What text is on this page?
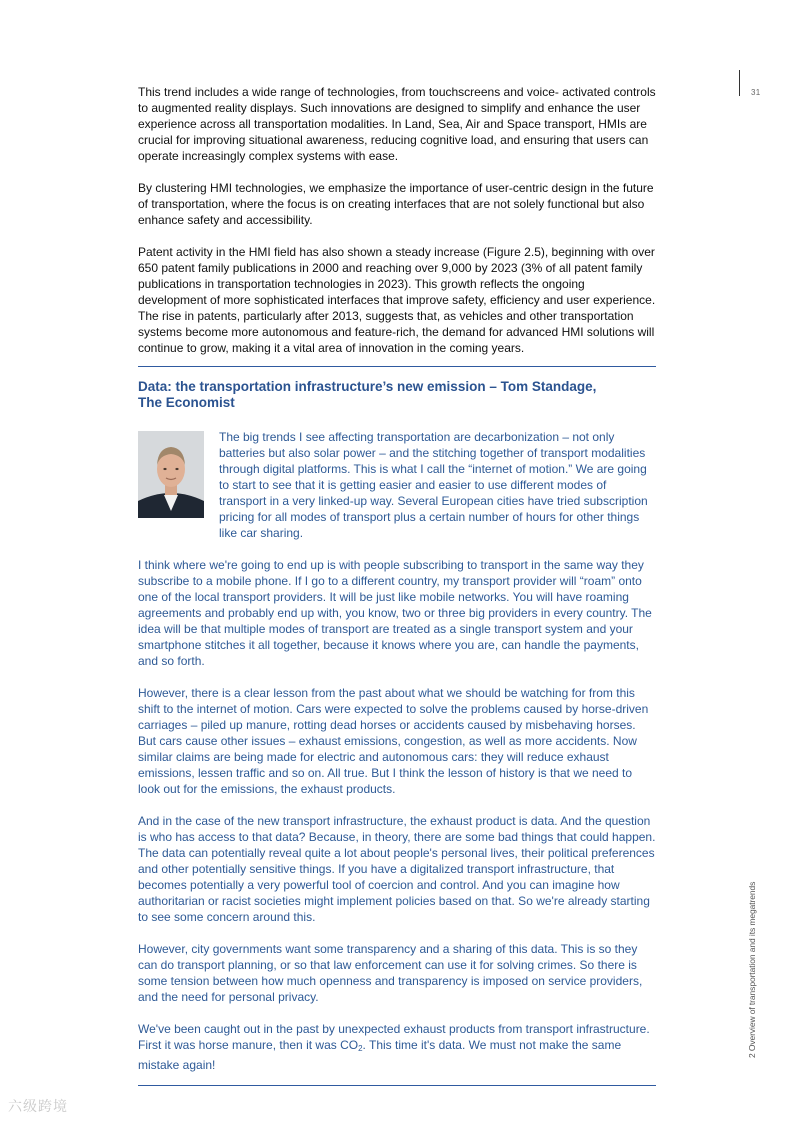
31
2 Overview of transportation and its megatrends

This trend includes a wide range of technologies, from touchscreens and voice- activated controls to augmented reality displays. Such innovations are designed to simplify and enhance the user experience across all transportation modalities. In Land, Sea, Air and Space transport, HMIs are crucial for improving situational awareness, reducing cognitive load, and ensuring that users can operate increasingly complex systems with ease.

By clustering HMI technologies, we emphasize the importance of user-centric design in the future of transportation, where the focus is on creating interfaces that are not solely functional but also enhance safety and accessibility.

Patent activity in the HMI field has also shown a steady increase (Figure 2.5), beginning with over 650 patent family publications in 2000 and reaching over 9,000 by 2023 (3% of all patent family publications in transportation technologies in 2023). This growth reflects the ongoing development of more sophisticated interfaces that improve safety, efficiency and user experience. The rise in patents, particularly after 2013, suggests that, as vehicles and other transportation systems become more autonomous and feature-rich, the demand for advanced HMI solutions will continue to grow, making it a vital area of innovation in the coming years.

Data: the transportation infrastructure’s new emission – Tom Standage,
The Economist

The big trends I see affecting transportation are decarbonization – not only batteries but also solar power – and the stitching together of transport modalities through digital platforms. This is what I call the “internet of motion.” We are going to start to see that it is getting easier and easier to use different modes of transport in a very linked-up way. Several European cities have tried subscription pricing for all modes of transport plus a certain number of hours for other things like car sharing.

I think where we're going to end up is with people subscribing to transport in the same way they subscribe to a mobile phone. If I go to a different country, my transport provider will “roam” onto one of the local transport providers. It will be just like mobile networks. You will have roaming agreements and probably end up with, you know, two or three big providers in every country. The idea will be that multiple modes of transport are treated as a single transport system and your smartphone stitches it all together, because it knows where you are, can handle the payments, and so forth.

However, there is a clear lesson from the past about what we should be watching for from this shift to the internet of motion. Cars were expected to solve the problems caused by horse-driven carriages – piled up manure, rotting dead horses or accidents caused by misbehaving horses. But cars cause other issues – exhaust emissions, congestion, as well as more accidents. Now similar claims are being made for electric and autonomous cars: they will reduce exhaust emissions, lessen traffic and so on. All true. But I think the lesson of history is that we need to look out for the emissions, the exhaust products.

And in the case of the new transport infrastructure, the exhaust product is data. And the question is who has access to that data? Because, in theory, there are some bad things that could happen. The data can potentially reveal quite a lot about people's personal lives, their political preferences and other potentially sensitive things. If you have a digitalized transport infrastructure, that becomes potentially a very powerful tool of coercion and control. And you can imagine how authoritarian or racist societies might implement policies based on that. So we're already starting to see some concern around this.

However, city governments want some transparency and a sharing of this data. This is so they can do transport planning, or so that law enforcement can use it for solving crimes. So there is some tension between how much openness and transparency is imposed on service providers, and the need for personal privacy.

We've been caught out in the past by unexpected exhaust products from transport infrastructure. First it was horse manure, then it was $CO_2$. This time it's data. We must not make the same mistake again!

六级跨境
